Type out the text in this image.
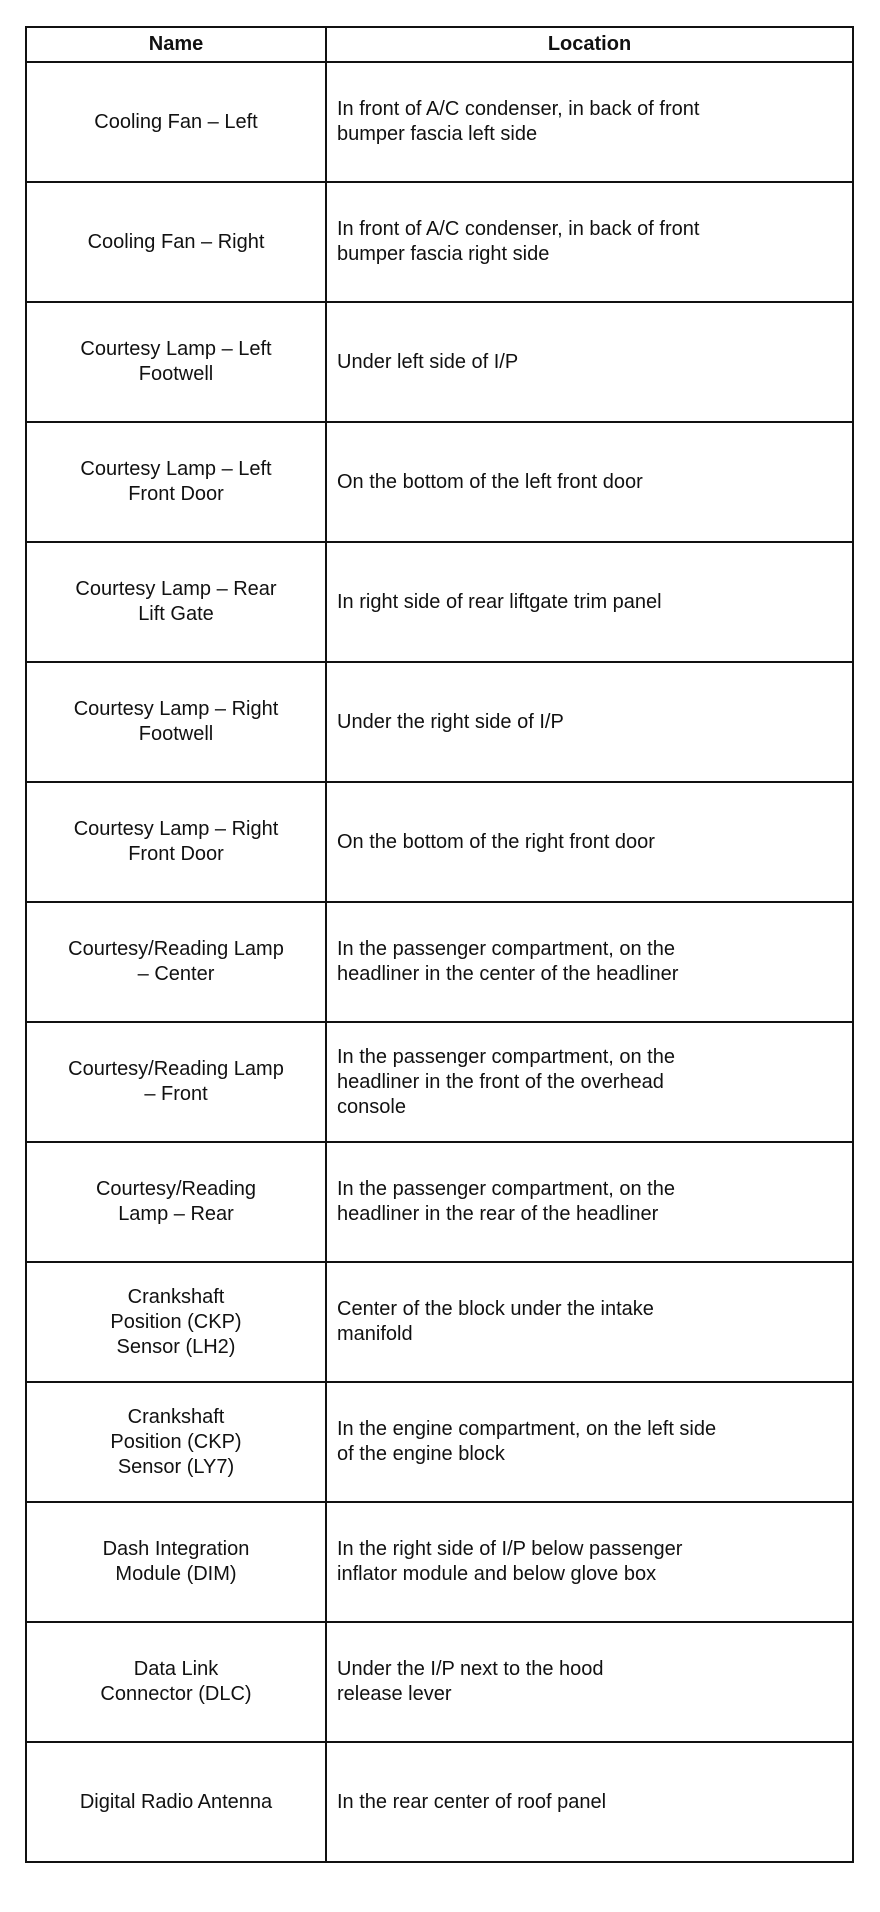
Name	Location

Cooling Fan – Left	In front of A/C condenser, in back of front
bumper fascia left side

Cooling Fan – Right	In front of A/C condenser, in back of front
bumper fascia right side

Courtesy Lamp – Left
Footwell	Under left side of I/P

Courtesy Lamp – Left
Front Door	On the bottom of the left front door

Courtesy Lamp – Rear
Lift Gate	In right side of rear liftgate trim panel

Courtesy Lamp – Right
Footwell	Under the right side of I/P

Courtesy Lamp – Right
Front Door	On the bottom of the right front door

Courtesy/Reading Lamp
– Center	In the passenger compartment, on the
headliner in the center of the headliner

Courtesy/Reading Lamp
– Front	In the passenger compartment, on the
headliner in the front of the overhead
console

Courtesy/Reading
Lamp – Rear	In the passenger compartment, on the
headliner in the rear of the headliner

Crankshaft
Position (CKP)
Sensor (LH2)	Center of the block under the intake
manifold

Crankshaft
Position (CKP)
Sensor (LY7)	In the engine compartment, on the left side
of the engine block

Dash Integration
Module (DIM)	In the right side of I/P below passenger
inflator module and below glove box

Data Link
Connector (DLC)	Under the I/P next to the hood
release lever

Digital Radio Antenna	In the rear center of roof panel
